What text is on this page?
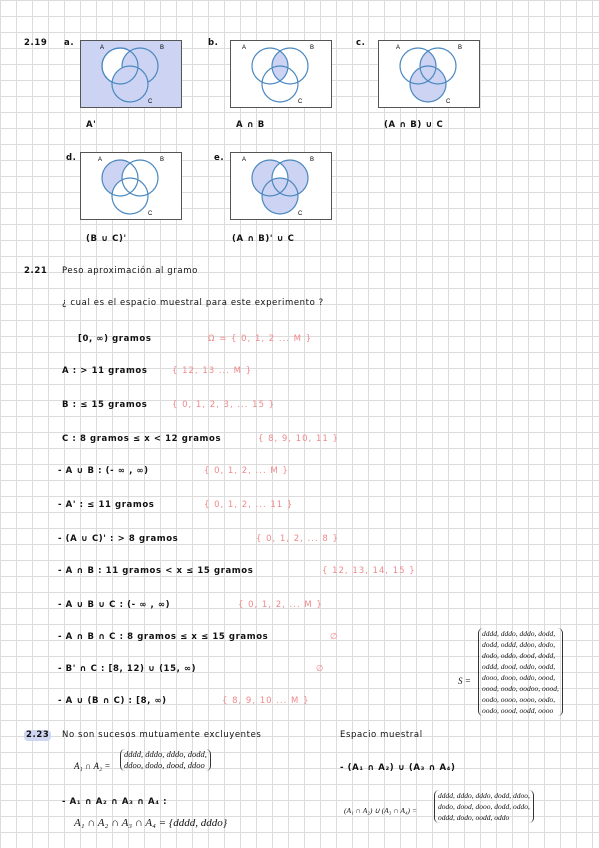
2.19 a.	A	B
C
A'
b.	A	B
C
A ∩ B
c.	A	B
C
(A ∩ B) ∪ C
d.	A	B
C
(B ∪ C)'
e.	A	B
C
(A ∩ B)' ∪ C
2.21 Peso aproximación al gramo
¿ cual es el espacio muestral para este experimento ?
[0, ∞) gramos	Ω = { 0, 1, 2 ... M }
A : > 11 gramos	{ 12, 13 ... M }
B : ≤ 15 gramos	{ 0, 1, 2, 3, ... 15 }
C : 8 gramos ≤ x < 12 gramos	{ 8, 9, 10, 11 }
- A ∪ B : (- ∞ , ∞)	{ 0, 1, 2, ... M }
- A' : ≤ 11 gramos	{ 0, 1, 2, ... 11 }
- (A ∪ C)' : > 8 gramos	{ 0, 1, 2, ... 8 }
- A ∩ B : 11 gramos < x ≤ 15 gramos	{ 12, 13, 14, 15 }
- A ∪ B ∪ C : (- ∞ , ∞)	{ 0, 1, 2, ... M }
- A ∩ B ∩ C : 8 gramos ≤ x ≤ 15 gramos	∅
- B' ∩ C : [8, 12) ∪ (15, ∞)	∅
- A ∪ (B ∩ C) : [8, ∞)	{ 8, 9, 10 ... M }
S =
dddd, dddo, dddo, dodd,
dodd, oddd, ddoo, dodo,
dodo, oddo, dood, dodd,
oddd, dood, oddo, oodd,
dooo, dooo, oddo, oood,
oood, oodo, oodoo, oood,
oodo, oooo, oooo, oodo,
oodo, oood, oodd, oooo
2.23 No son sucesos mutuamente excluyentes
A₁ ∩ A₂ =
dddd, dddo, dddo, dodd,
ddoo, dodo, dood, ddoo
- A₁ ∩ A₂ ∩ A₃ ∩ A₄ :
A₁ ∩ A₂ ∩ A₃ ∩ A₄ = {dddd, dddo}
Espacio muestral
- (A₁ ∩ A₂) ∪ (A₃ ∩ A₄)
(A₁ ∩ A₂) ∪ (A₃ ∩ A₄) =
dddd, dddo, dddo, dodd, ddoo,
dodo, dood, dooo, dodd, oddo,
oddd, dodo, oodd, oddo
